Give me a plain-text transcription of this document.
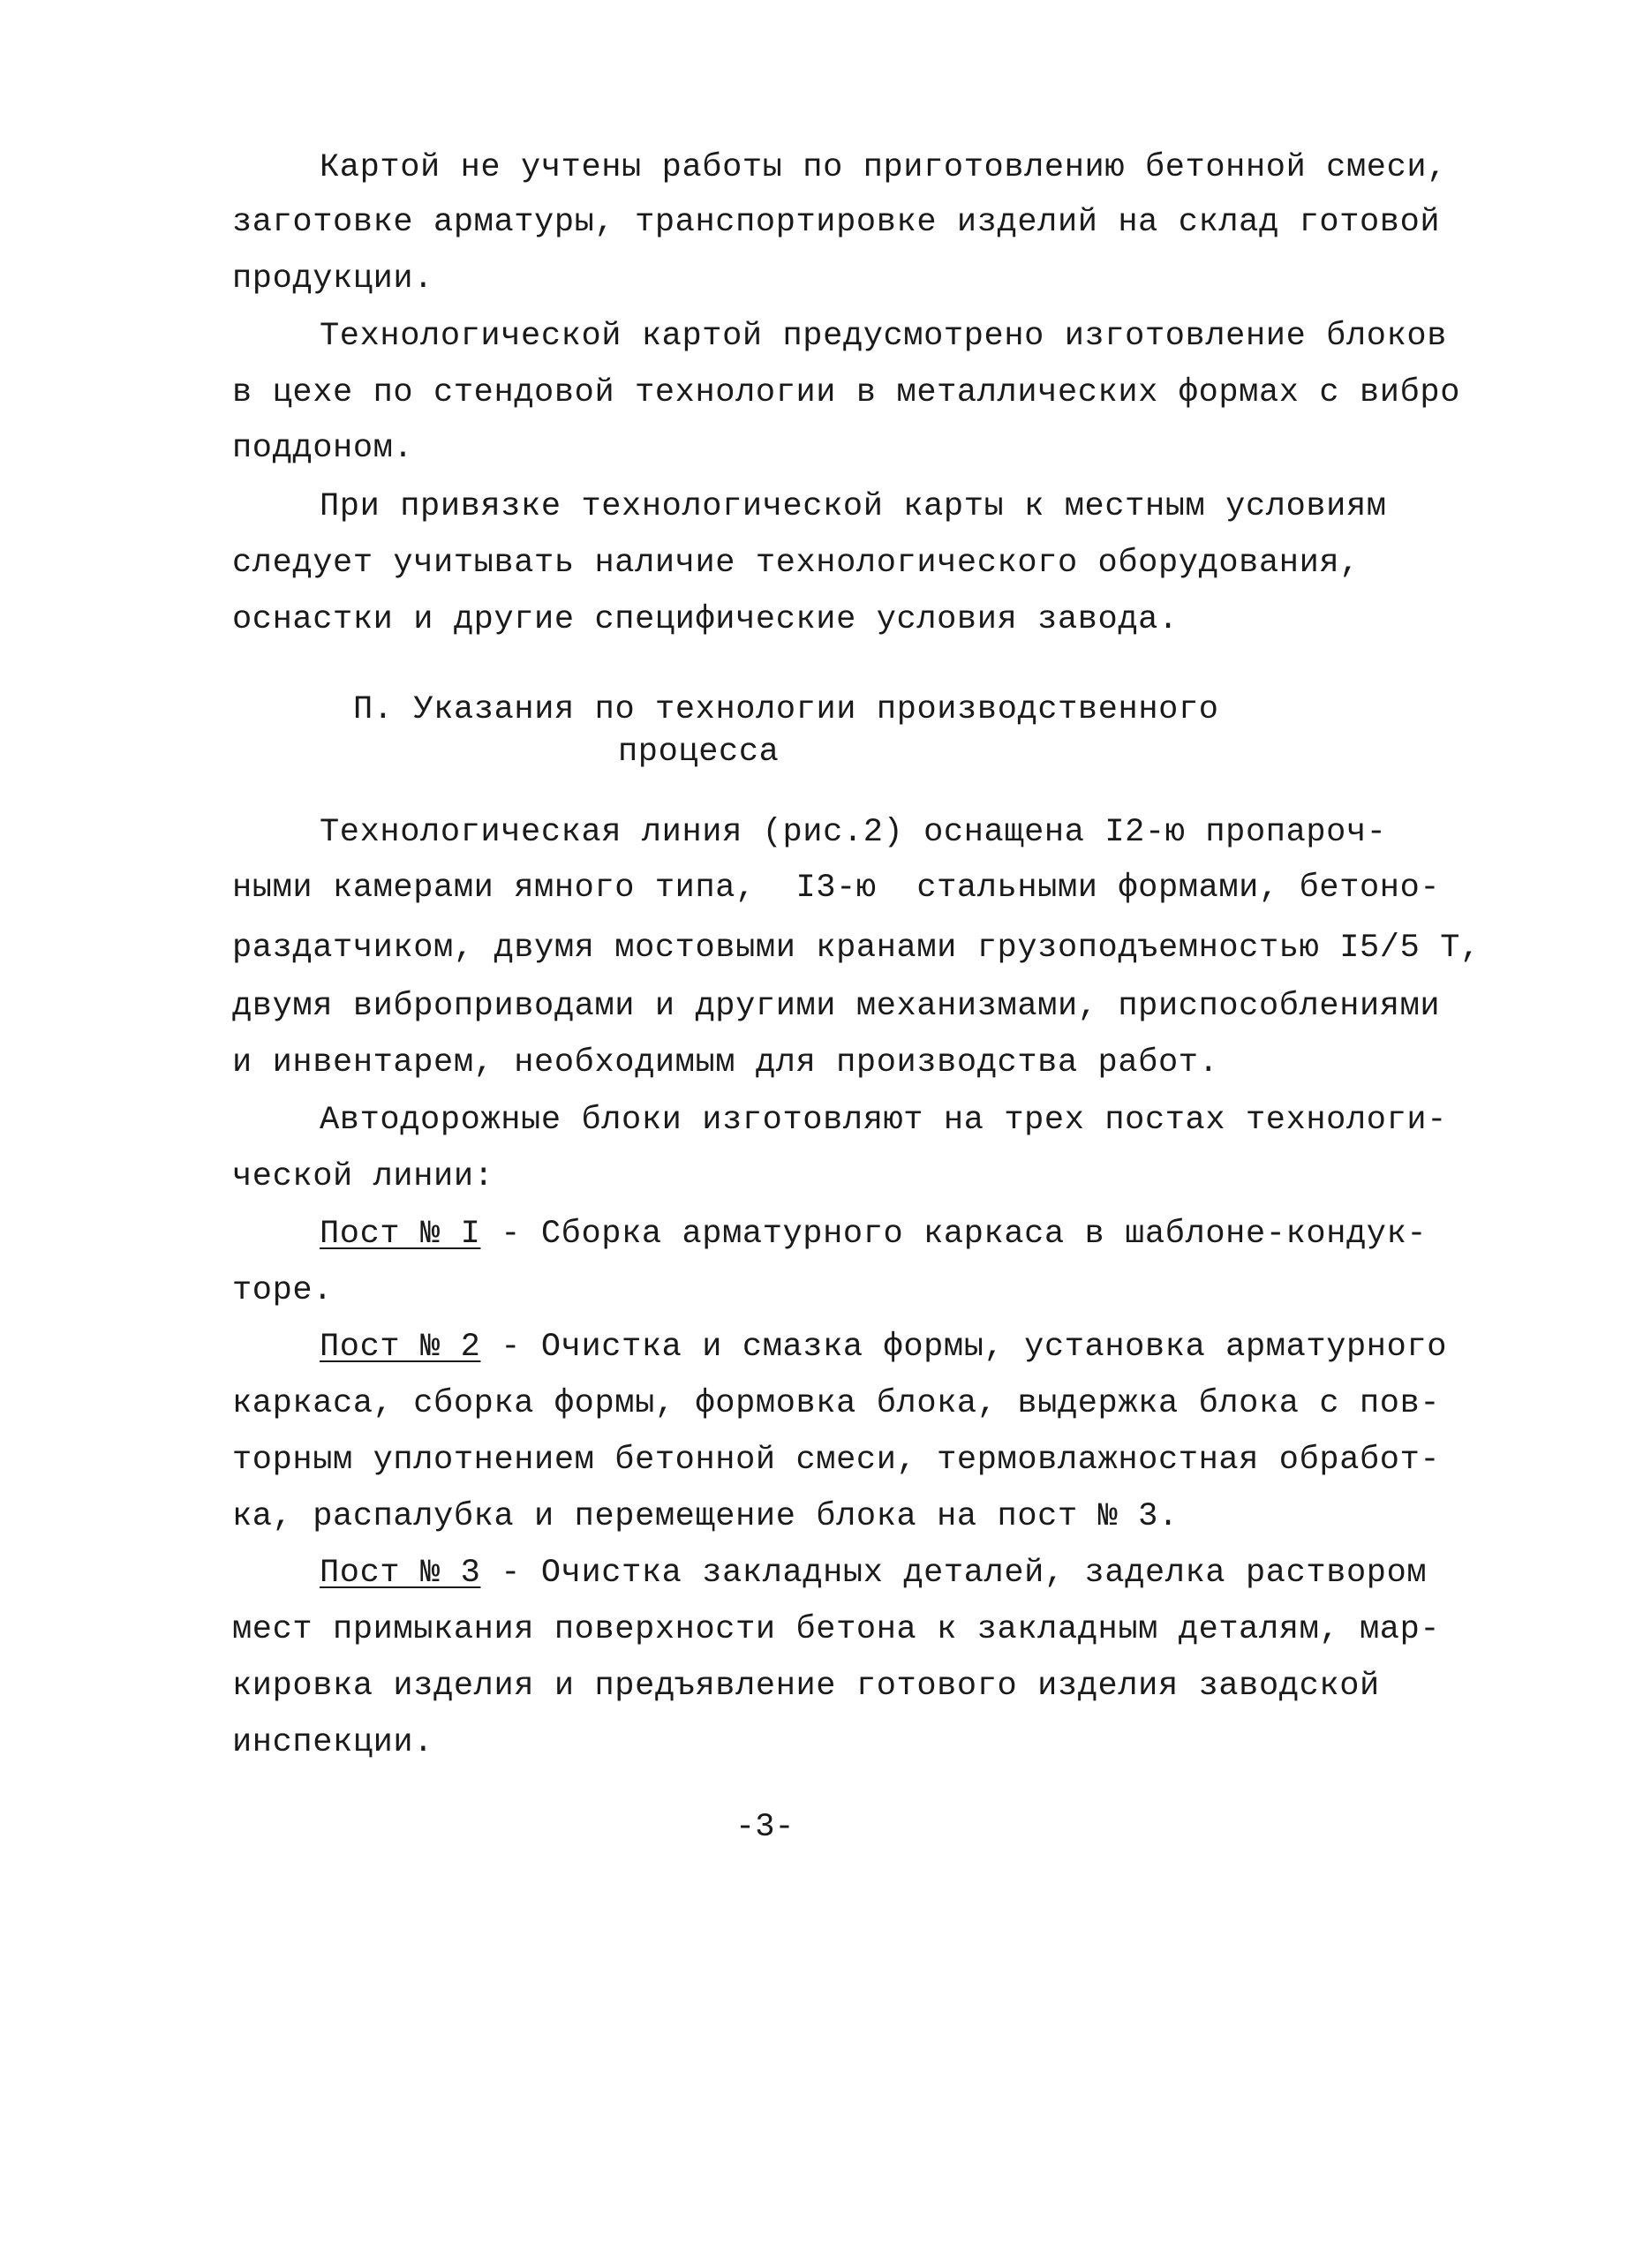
Картой не учтены работы по приготовлению бетонной смеси,
заготовке арматуры, транспортировке изделий на склад готовой
продукции.
Технологической картой предусмотрено изготовление блоков
в цехе по стендовой технологии в металлических формах с вибро
поддоном.
При привязке технологической карты к местным условиям
следует учитывать наличие технологического оборудования,
оснастки и другие специфические условия завода.
П. Указания по технологии производственного
процесса
Технологическая линия (рис.2) оснащена I2-ю пропароч-
ными камерами ямного типа,  I3-ю  стальными формами, бетоно-
раздатчиком, двумя мостовыми кранами грузоподъемностью I5/5 Т,
двумя виброприводами и другими механизмами, приспособлениями
и инвентарем, необходимым для производства работ.
Автодорожные блоки изготовляют на трех постах технологи-
ческой линии:
Пост № I - Сборка арматурного каркаса в шаблоне-кондук-
торе.
Пост № 2 - Очистка и смазка формы, установка арматурного
каркаса, сборка формы, формовка блока, выдержка блока с пов-
торным уплотнением бетонной смеси, термовлажностная обработ-
ка, распалубка и перемещение блока на пост № 3.
Пост № 3 - Очистка закладных деталей, заделка раствором
мест примыкания поверхности бетона к закладным деталям, мар-
кировка изделия и предъявление готового изделия заводской
инспекции.
-3-
